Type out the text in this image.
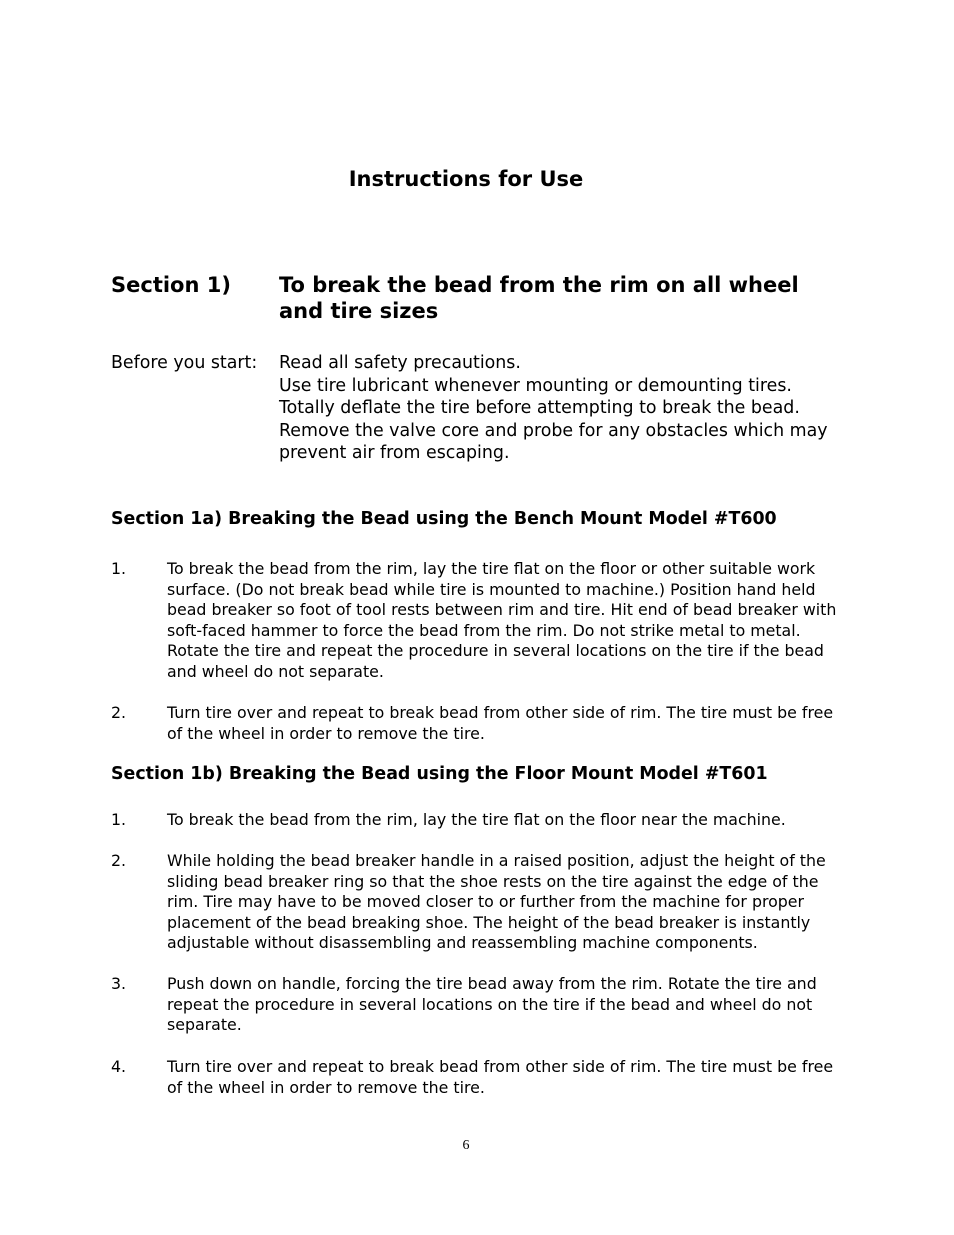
Instructions for Use
Section 1) To break the bead from the rim on all wheel and tire sizes
Before you start: Read all safety precautions.
Use tire lubricant whenever mounting or demounting tires.
Totally deflate the tire before attempting to break the bead.
Remove the valve core and probe for any obstacles which may
prevent air from escaping.
Section 1a) Breaking the Bead using the Bench Mount Model #T600
1.	To break the bead from the rim, lay the tire flat on the floor or other suitable work
surface. (Do not break bead while tire is mounted to machine.) Position hand held
bead breaker so foot of tool rests between rim and tire. Hit end of bead breaker with
soft-faced hammer to force the bead from the rim. Do not strike metal to metal.
Rotate the tire and repeat the procedure in several locations on the tire if the bead
and wheel do not separate.
2.	Turn tire over and repeat to break bead from other side of rim. The tire must be free
of the wheel in order to remove the tire.
Section 1b) Breaking the Bead using the Floor Mount Model #T601
1.	To break the bead from the rim, lay the tire flat on the floor near the machine.
2.	While holding the bead breaker handle in a raised position, adjust the height of the
sliding bead breaker ring so that the shoe rests on the tire against the edge of the
rim. Tire may have to be moved closer to or further from the machine for proper
placement of the bead breaking shoe. The height of the bead breaker is instantly
adjustable without disassembling and reassembling machine components.
3.	Push down on handle, forcing the tire bead away from the rim. Rotate the tire and
repeat the procedure in several locations on the tire if the bead and wheel do not
separate.
4.	Turn tire over and repeat to break bead from other side of rim. The tire must be free
of the wheel in order to remove the tire.
6
